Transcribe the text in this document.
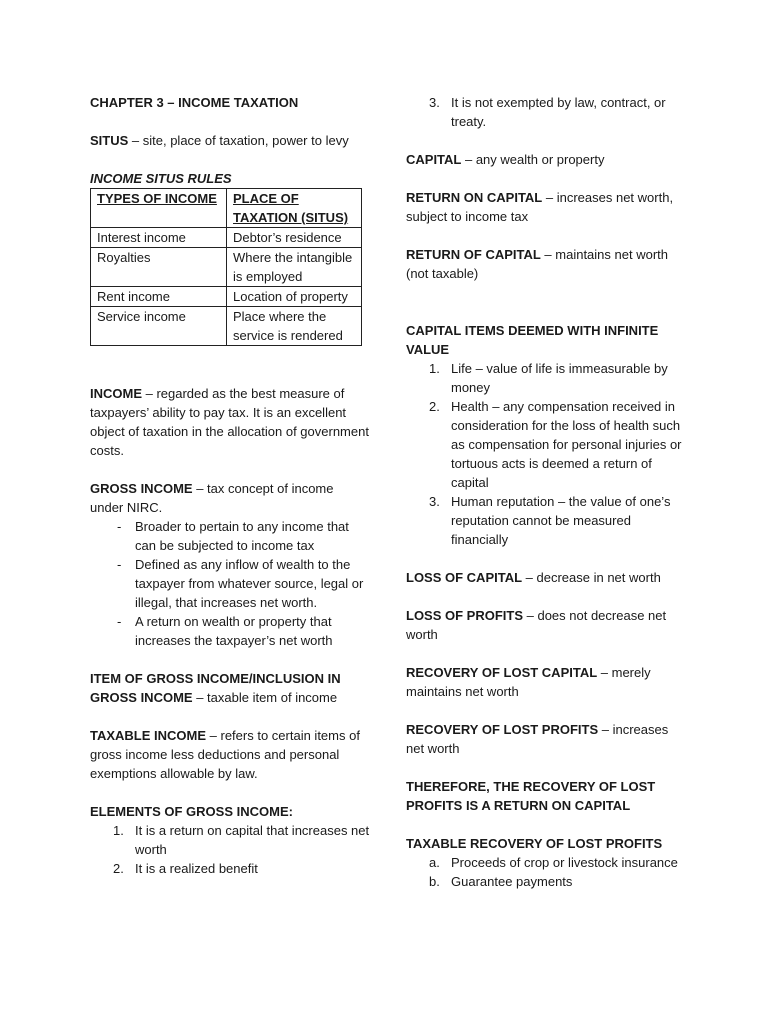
CHAPTER 3 – INCOME TAXATION

SITUS – site, place of taxation, power to levy

INCOME SITUS RULES

TYPES OF INCOME	PLACE OF TAXATION (SITUS)
Interest income	Debtor’s residence
Royalties	Where the intangible is employed
Rent income	Location of property
Service income	Place where the service is rendered

INCOME – regarded as the best measure of taxpayers’ ability to pay tax. It is an excellent object of taxation in the allocation of government costs.

GROSS INCOME – tax concept of income under NIRC.

- Broader to pertain to any income that can be subjected to income tax
- Defined as any inflow of wealth to the taxpayer from whatever source, legal or illegal, that increases net worth.
- A return on wealth or property that increases the taxpayer’s net worth

ITEM OF GROSS INCOME/INCLUSION IN GROSS INCOME – taxable item of income

TAXABLE INCOME – refers to certain items of gross income less deductions and personal exemptions allowable by law.

ELEMENTS OF GROSS INCOME:

1. It is a return on capital that increases net worth
2. It is a realized benefit
3. It is not exempted by law, contract, or treaty.

CAPITAL – any wealth or property

RETURN ON CAPITAL – increases net worth, subject to income tax

RETURN OF CAPITAL – maintains net worth (not taxable)

CAPITAL ITEMS DEEMED WITH INFINITE VALUE

1. Life – value of life is immeasurable by money
2. Health – any compensation received in consideration for the loss of health such as compensation for personal injuries or tortuous acts is deemed a return of capital
3. Human reputation – the value of one’s reputation cannot be measured financially

LOSS OF CAPITAL – decrease in net worth

LOSS OF PROFITS – does not decrease net worth

RECOVERY OF LOST CAPITAL – merely maintains net worth

RECOVERY OF LOST PROFITS – increases net worth

THEREFORE, THE RECOVERY OF LOST PROFITS IS A RETURN ON CAPITAL

TAXABLE RECOVERY OF LOST PROFITS

a. Proceeds of crop or livestock insurance
b. Guarantee payments
